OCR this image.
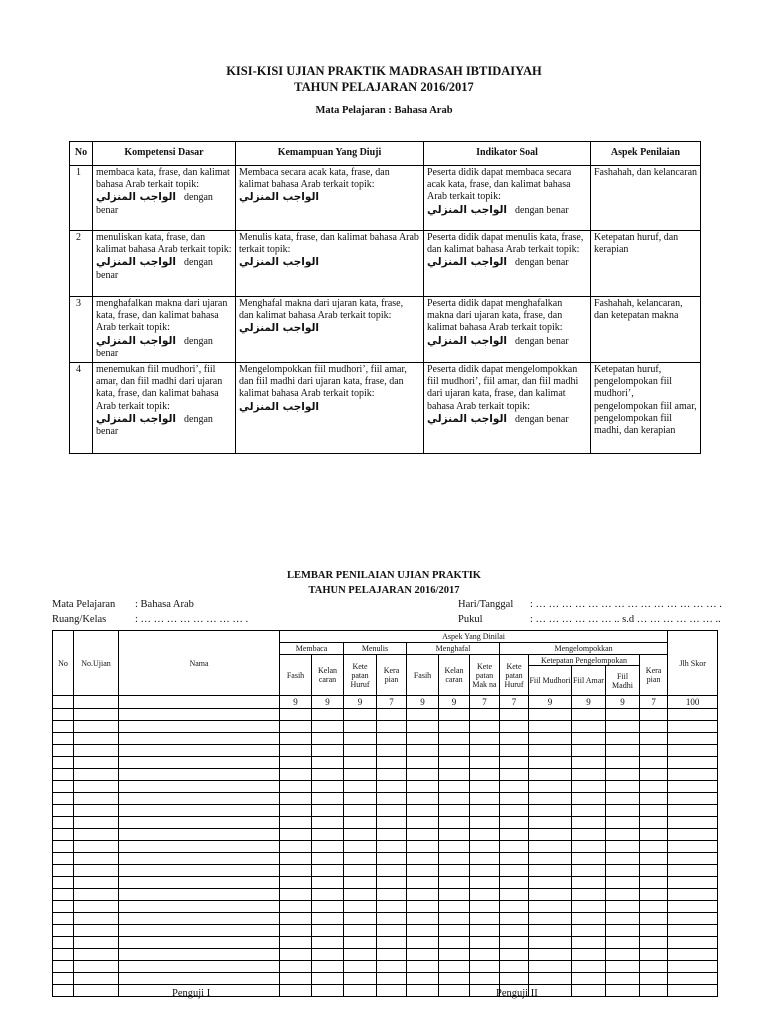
KISI-KISI UJIAN PRAKTIK MADRASAH IBTIDAIYAH
TAHUN PELAJARAN 2016/2017
Mata Pelajaran : Bahasa Arab
No	Kompetensi Dasar	Kemampuan Yang Diuji	Indikator Soal	Aspek Penilaian
1	membaca kata, frase, dan kalimat bahasa Arab terkait topik:
الواجب المنزلي dengan
benar	Membaca secara acak kata, frase, dan kalimat bahasa Arab terkait topik:
الواجب المنزلي	Peserta didik dapat membaca secara acak kata, frase, dan kalimat bahasa Arab terkait topik:
الواجب المنزلي dengan benar	Fashahah, dan kelancaran
2	menuliskan kata, frase, dan kalimat bahasa Arab terkait topik:
الواجب المنزلي dengan
benar	Menulis kata, frase, dan kalimat bahasa Arab terkait topik:
الواجب المنزلي	Peserta didik dapat menulis kata, frase, dan kalimat bahasa Arab terkait topik:
الواجب المنزلي dengan benar	Ketepatan huruf, dan kerapian
3	menghafalkan makna dari ujaran kata, frase, dan kalimat bahasa Arab terkait topik:
الواجب المنزلي dengan
benar	Menghafal makna dari ujaran kata, frase, dan kalimat bahasa Arab terkait topik:
الواجب المنزلي	Peserta didik dapat menghafalkan makna dari ujaran kata, frase, dan kalimat bahasa Arab terkait topik:
الواجب المنزلي dengan benar	Fashahah, kelancaran, dan ketepatan makna
4	menemukan fiil mudhori’, fiil amar, dan fiil madhi dari ujaran kata, frase, dan kalimat bahasa Arab terkait topik:
الواجب المنزلي dengan
benar	Mengelompokkan fiil mudhori’, fiil amar, dan fiil madhi dari ujaran kata, frase, dan kalimat bahasa Arab terkait topik:
الواجب المنزلي	Peserta didik dapat mengelompokkan fiil mudhori’, fiil amar, dan fiil madhi dari ujaran kata, frase, dan kalimat bahasa Arab terkait topik:
الواجب المنزلي dengan benar	Ketepatan huruf, pengelompokan fiil mudhori’, pengelompokan fiil amar, pengelompokan fiil madhi, dan kerapian
LEMBAR PENILAIAN UJIAN PRAKTIK
TAHUN PELAJARAN 2016/2017
Mata Pelajaran : Bahasa Arab
Ruang/Kelas	: … … … … … … … … .
Hari/Tanggal : … … … … … … … … … … … … … … .
Pukul	: … … … … … … .. s.d … … … … … … ..
No	No.Ujian	Nama	Aspek Yang Dinilai												Jlh Skor
			Membaca		Menulis		Menghafal			Mengelompokkan					
			Fasih	Kelan caran	Kete patan Huruf	Kera pian	Fasih	Kelan caran	Kete patan Mak na	Kete patan Huruf	Ketepatan Pengelompokan			Kera pian	
											Fiil Mudhori	Fiil Amar	Fiil Madhi		
			9	9	9	7	9	9	7	7	9	9	9	7	100

Penguji I	Penguji II
